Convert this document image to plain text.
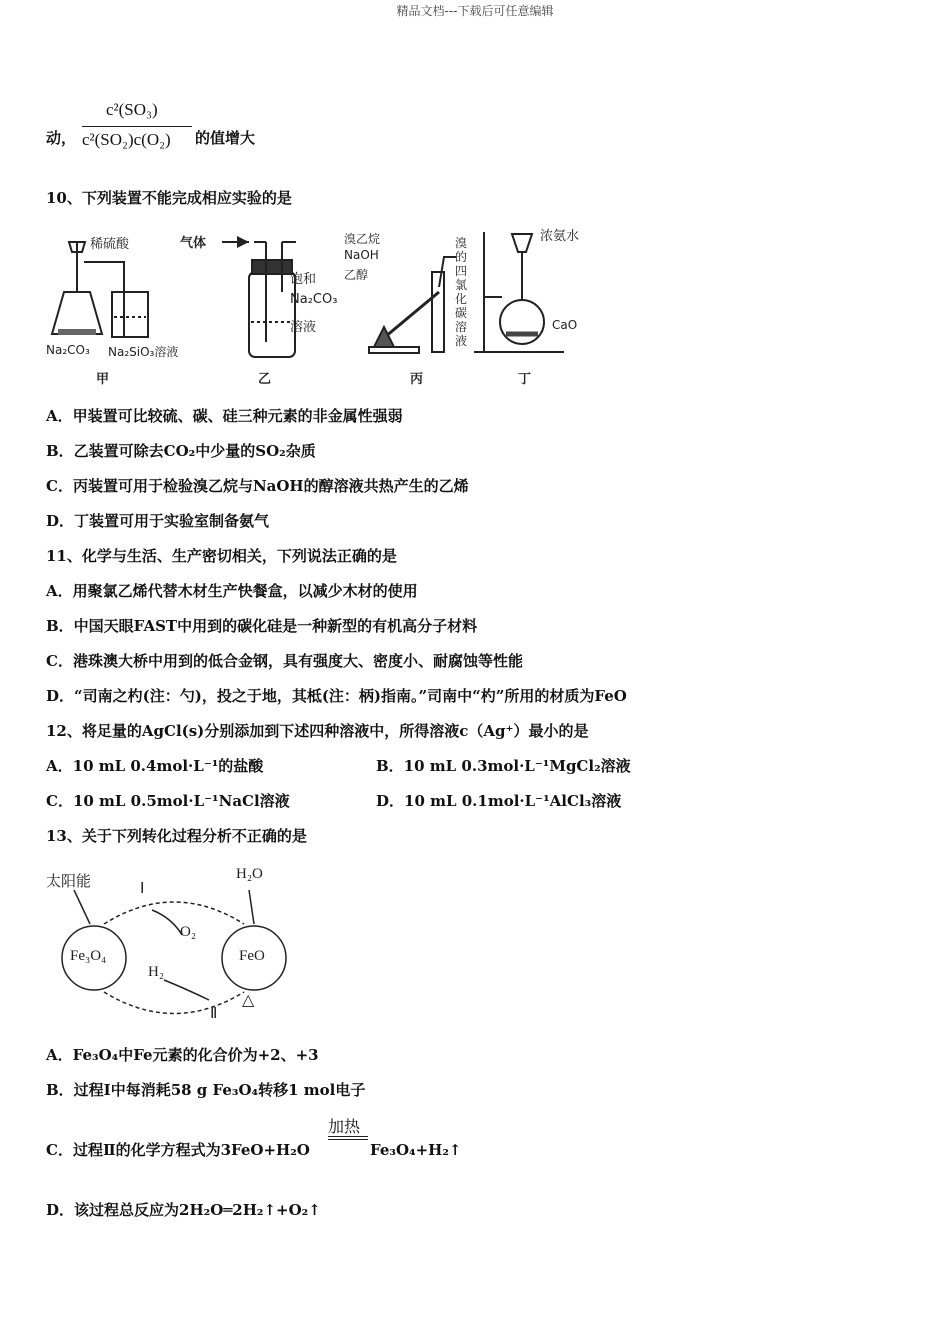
精品文档---下载后可任意编辑
动，
c²(SO₃)
c²(SO₂)c(O₂) 的值增大
10、下列装置不能完成相应实验的是
稀硫酸
Na₂CO₃ Na₂SiO₃溶液
甲
气体
饱和
Na₂CO₃
溶液
乙
溴乙烷
NaOH
乙醇
溴的四氯化碳溶液
丙
浓氨水
CaO
丁
A．甲装置可比较硫、碳、硅三种元素的非金属性强弱
B．乙装置可除去CO₂中少量的SO₂杂质
C．丙装置可用于检验溴乙烷与NaOH的醇溶液共热产生的乙烯
D．丁装置可用于实验室制备氨气
11、化学与生活、生产密切相关，下列说法正确的是
A．用聚氯乙烯代替木材生产快餐盒，以减少木材的使用
B．中国天眼FAST中用到的碳化硅是一种新型的有机高分子材料
C．港珠澳大桥中用到的低合金钢，具有强度大、密度小、耐腐蚀等性能
D．“司南之杓(注：勺)，投之于地，其柢(注：柄)指南。”司南中“杓”所用的材质为FeO
12、将足量的AgCl(s)分别添加到下述四种溶液中，所得溶液c（Ag⁺）最小的是
A．10 mL 0.4mol·L⁻¹的盐酸	B．10 mL 0.3mol·L⁻¹MgCl₂溶液
C．10 mL 0.5mol·L⁻¹NaCl溶液	D．10 mL 0.1mol·L⁻¹AlCl₃溶液
13、关于下列转化过程分析不正确的是
太阳能	H₂O
Ⅰ
O₂
Fe₃O₄	FeO
H₂
Ⅱ
△
A．Fe₃O₄中Fe元素的化合价为+2、+3
B．过程Ⅰ中每消耗58 g Fe₃O₄转移1 mol电子
C．过程Ⅱ的化学方程式为3FeO+H₂O
加热
Fe₃O₄+H₂↑
D．该过程总反应为2H₂O═2H₂↑+O₂↑
